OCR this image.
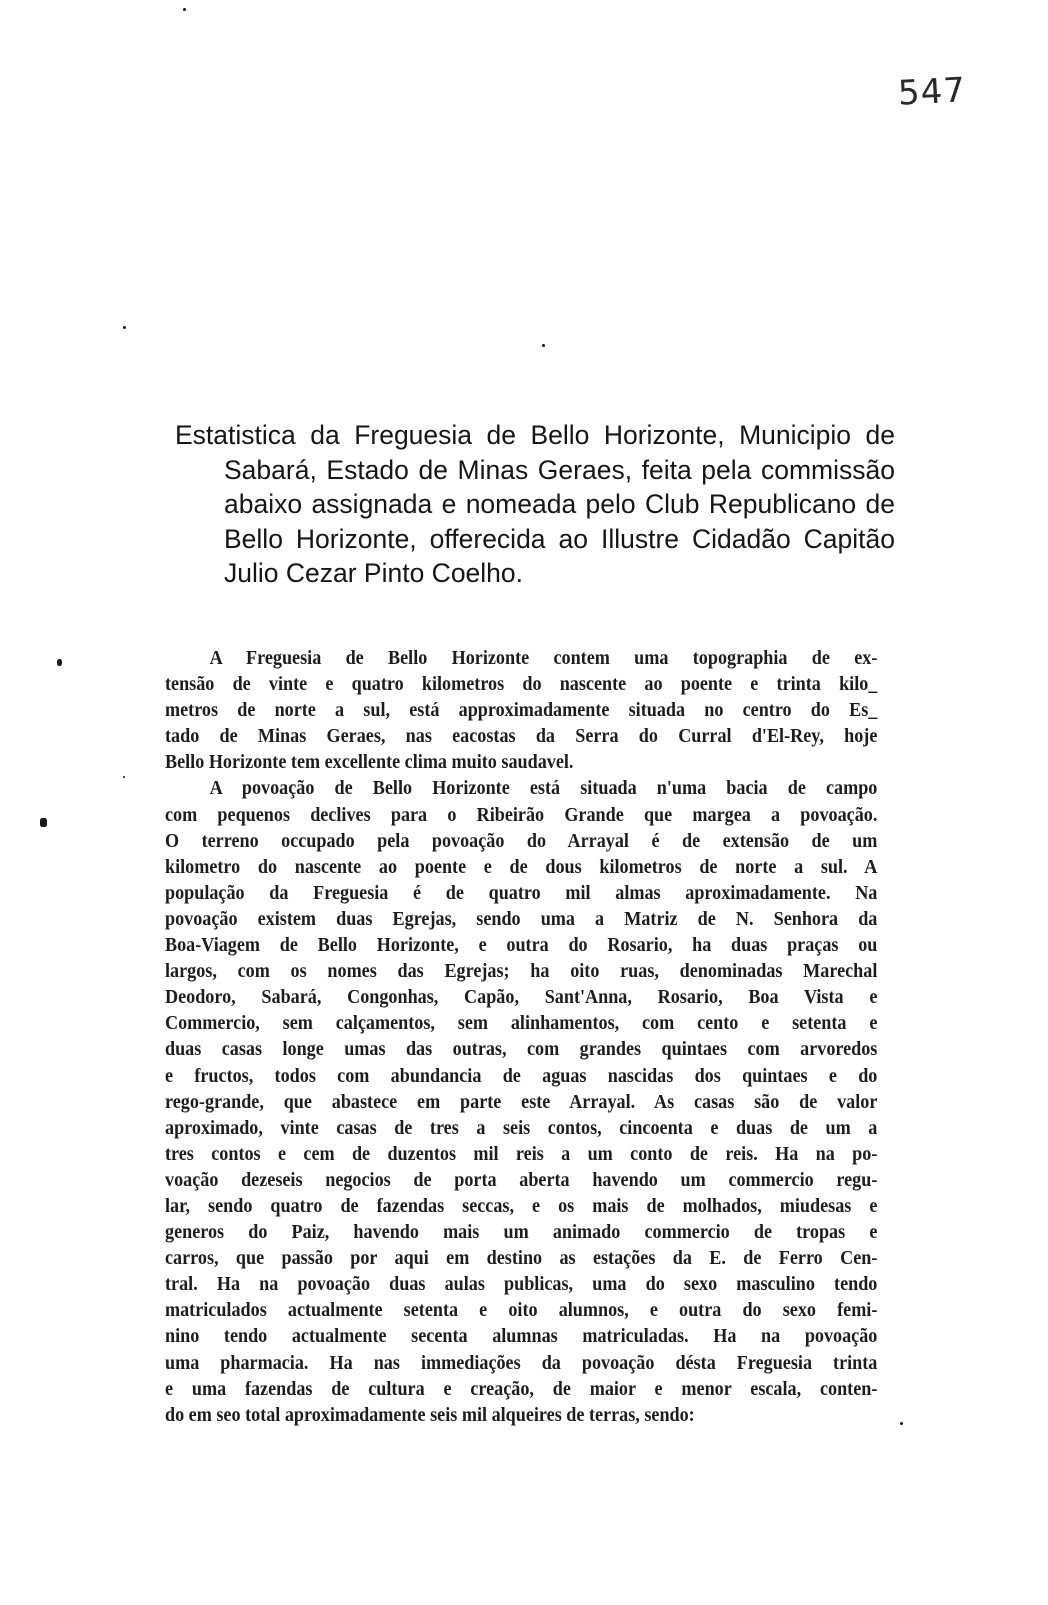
547
Estatistica da Freguesia de Bello Horizonte, Municipio de
Sabará, Estado de Minas Geraes, feita pela commissão
abaixo assignada e nomeada pelo Club Republicano de
Bello Horizonte, offerecida ao Illustre Cidadão Capitão
Julio Cezar Pinto Coelho.
A Freguesia de Bello Horizonte contem uma topographia de ex-
tensão de vinte e quatro kilometros do nascente ao poente e trinta kilo_
metros de norte a sul, está approximadamente situada no centro do Es_
tado de Minas Geraes, nas eacostas da Serra do Curral d'El-Rey, hoje
Bello Horizonte tem excellente clima muito saudavel.
A povoação de Bello Horizonte está situada n'uma bacia de campo
com pequenos declives para o Ribeirão Grande que margea a povoação.
O terreno occupado pela povoação do Arrayal é de extensão de um
kilometro do nascente ao poente e de dous kilometros de norte a sul. A
população da Freguesia é de quatro mil almas aproximadamente. Na
povoação existem duas Egrejas, sendo uma a Matriz de N. Senhora da
Boa-Viagem de Bello Horizonte, e outra do Rosario, ha duas praças ou
largos, com os nomes das Egrejas; ha oito ruas, denominadas Marechal
Deodoro, Sabará, Congonhas, Capão, Sant'Anna, Rosario, Boa Vista e
Commercio, sem calçamentos, sem alinhamentos, com cento e setenta e
duas casas longe umas das outras, com grandes quintaes com arvoredos
e fructos, todos com abundancia de aguas nascidas dos quintaes e do
rego-grande, que abastece em parte este Arrayal. As casas são de valor
aproximado, vinte casas de tres a seis contos, cincoenta e duas de um a
tres contos e cem de duzentos mil reis a um conto de reis. Ha na po-
voação dezeseis negocios de porta aberta havendo um commercio regu-
lar, sendo quatro de fazendas seccas, e os mais de molhados, miudesas e
generos do Paiz, havendo mais um animado commercio de tropas e
carros, que passão por aqui em destino as estações da E. de Ferro Cen-
tral. Ha na povoação duas aulas publicas, uma do sexo masculino tendo
matriculados actualmente setenta e oito alumnos, e outra do sexo femi-
nino tendo actualmente secenta alumnas matriculadas. Ha na povoação
uma pharmacia. Ha nas immediações da povoação désta Freguesia trinta
e uma fazendas de cultura e creação, de maior e menor escala, conten-
do em seo total aproximadamente seis mil alqueires de terras, sendo:
